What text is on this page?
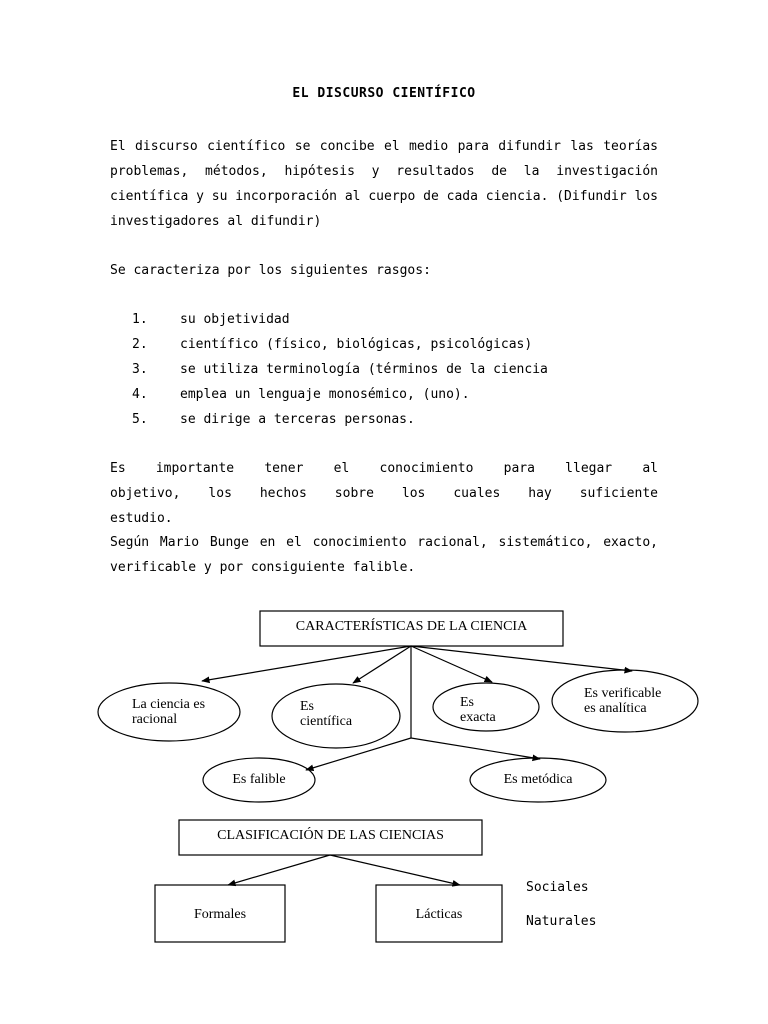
EL DISCURSO CIENTÍFICO

El discurso científico se concibe el medio para difundir las teorías problemas, métodos, hipótesis y resultados de la investigación científica y su incorporación al cuerpo de cada ciencia. (Difundir los investigadores al difundir)

Se caracteriza por los siguientes rasgos:

1. su objetividad
2. científico (físico, biológicas, psicológicas)
3. se utiliza terminología (términos de la ciencia
4. emplea un lenguaje monosémico, (uno).
5. se dirige a terceras personas.
Es importante tener el conocimiento para llegar al
objetivo, los hechos sobre los cuales hay suficiente
estudio.

Según Mario Bunge en el conocimiento racional, sistemático, exacto, verificable y por consiguiente falible.

CARACTERÍSTICAS DE LA CIENCIA
La ciencia es
racional
Es
científica
Es
exacta
Es verificable
es analítica
Es falible	Es metódica
CLASIFICACIÓN DE LAS CIENCIAS
Formales	Lácticas
Sociales
Naturales
